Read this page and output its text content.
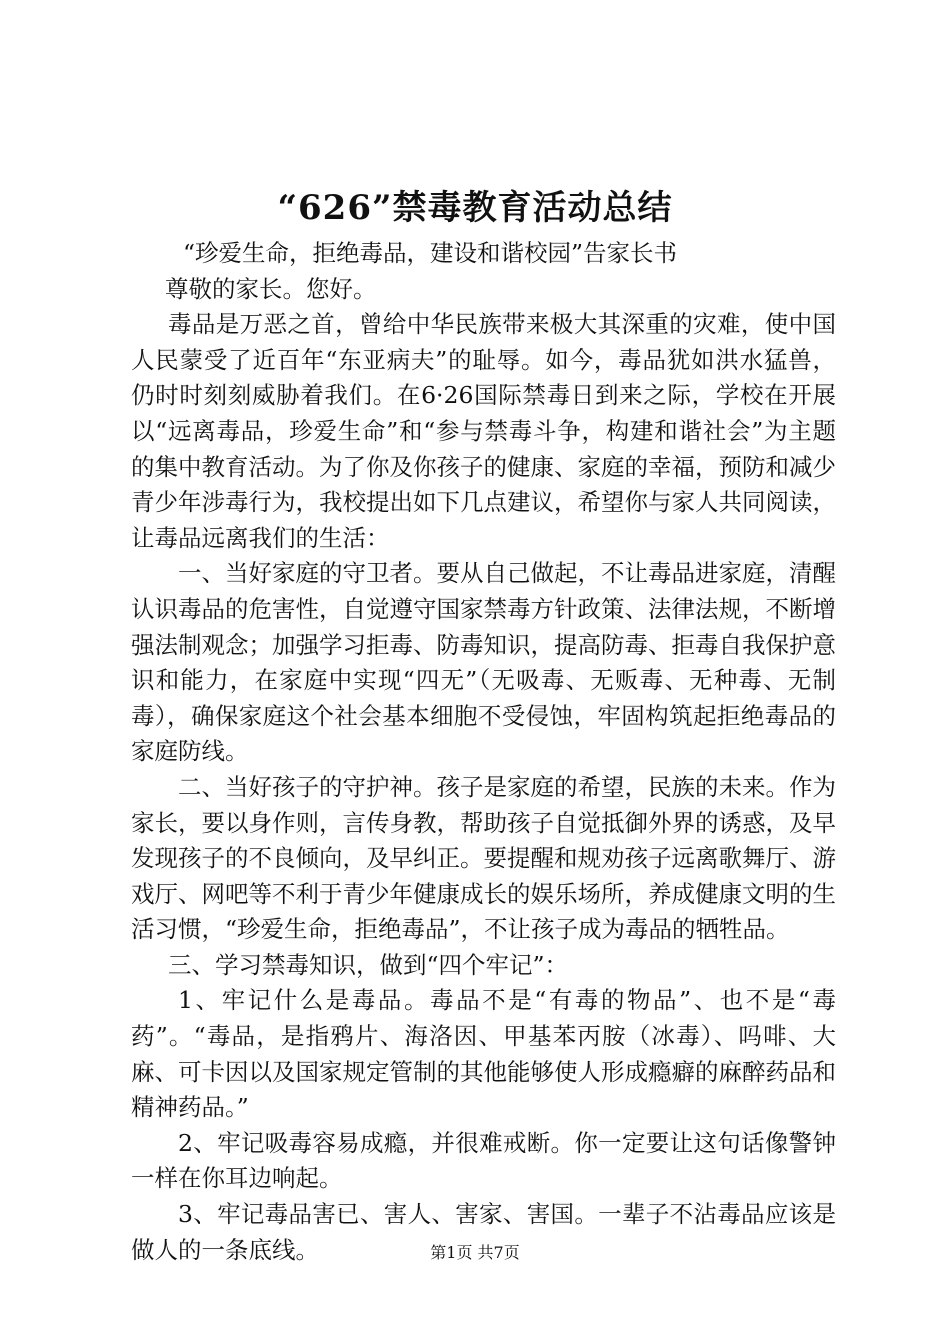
“626”禁毒教育活动总结

“珍爱生命，拒绝毒品，建设和谐校园”告家长书

尊敬的家长。您好。

毒品是万恶之首，曾给中华民族带来极大其深重的灾难，使中国人民蒙受了近百年“东亚病夫”的耻辱。如今，毒品犹如洪水猛兽，仍时时刻刻威胁着我们。在6·26国际禁毒日到来之际，学校在开展以“远离毒品，珍爱生命”和“参与禁毒斗争，构建和谐社会”为主题的集中教育活动。为了你及你孩子的健康、家庭的幸福，预防和减少青少年涉毒行为，我校提出如下几点建议，希望你与家人共同阅读，让毒品远离我们的生活：

一、当好家庭的守卫者。要从自己做起，不让毒品进家庭，清醒认识毒品的危害性，自觉遵守国家禁毒方针政策、法律法规，不断增强法制观念；加强学习拒毒、防毒知识，提高防毒、拒毒自我保护意识和能力，在家庭中实现“四无”（无吸毒、无贩毒、无种毒、无制毒），确保家庭这个社会基本细胞不受侵蚀，牢固构筑起拒绝毒品的家庭防线。

二、当好孩子的守护神。孩子是家庭的希望，民族的未来。作为家长，要以身作则，言传身教，帮助孩子自觉抵御外界的诱惑，及早发现孩子的不良倾向，及早纠正。要提醒和规劝孩子远离歌舞厅、游戏厅、网吧等不利于青少年健康成长的娱乐场所，养成健康文明的生活习惯，“珍爱生命，拒绝毒品”，不让孩子成为毒品的牺牲品。

三、学习禁毒知识，做到“四个牢记”：

1、牢记什么是毒品。毒品不是“有毒的物品”、也不是“毒药”。“毒品，是指鸦片、海洛因、甲基苯丙胺（冰毒）、吗啡、大麻、可卡因以及国家规定管制的其他能够使人形成瘾癖的麻醉药品和精神药品。”

2、牢记吸毒容易成瘾，并很难戒断。你一定要让这句话像警钟一样在你耳边响起。

3、牢记毒品害已、害人、害家、害国。一辈子不沾毒品应该是做人的一条底线。	第1页 共7页
